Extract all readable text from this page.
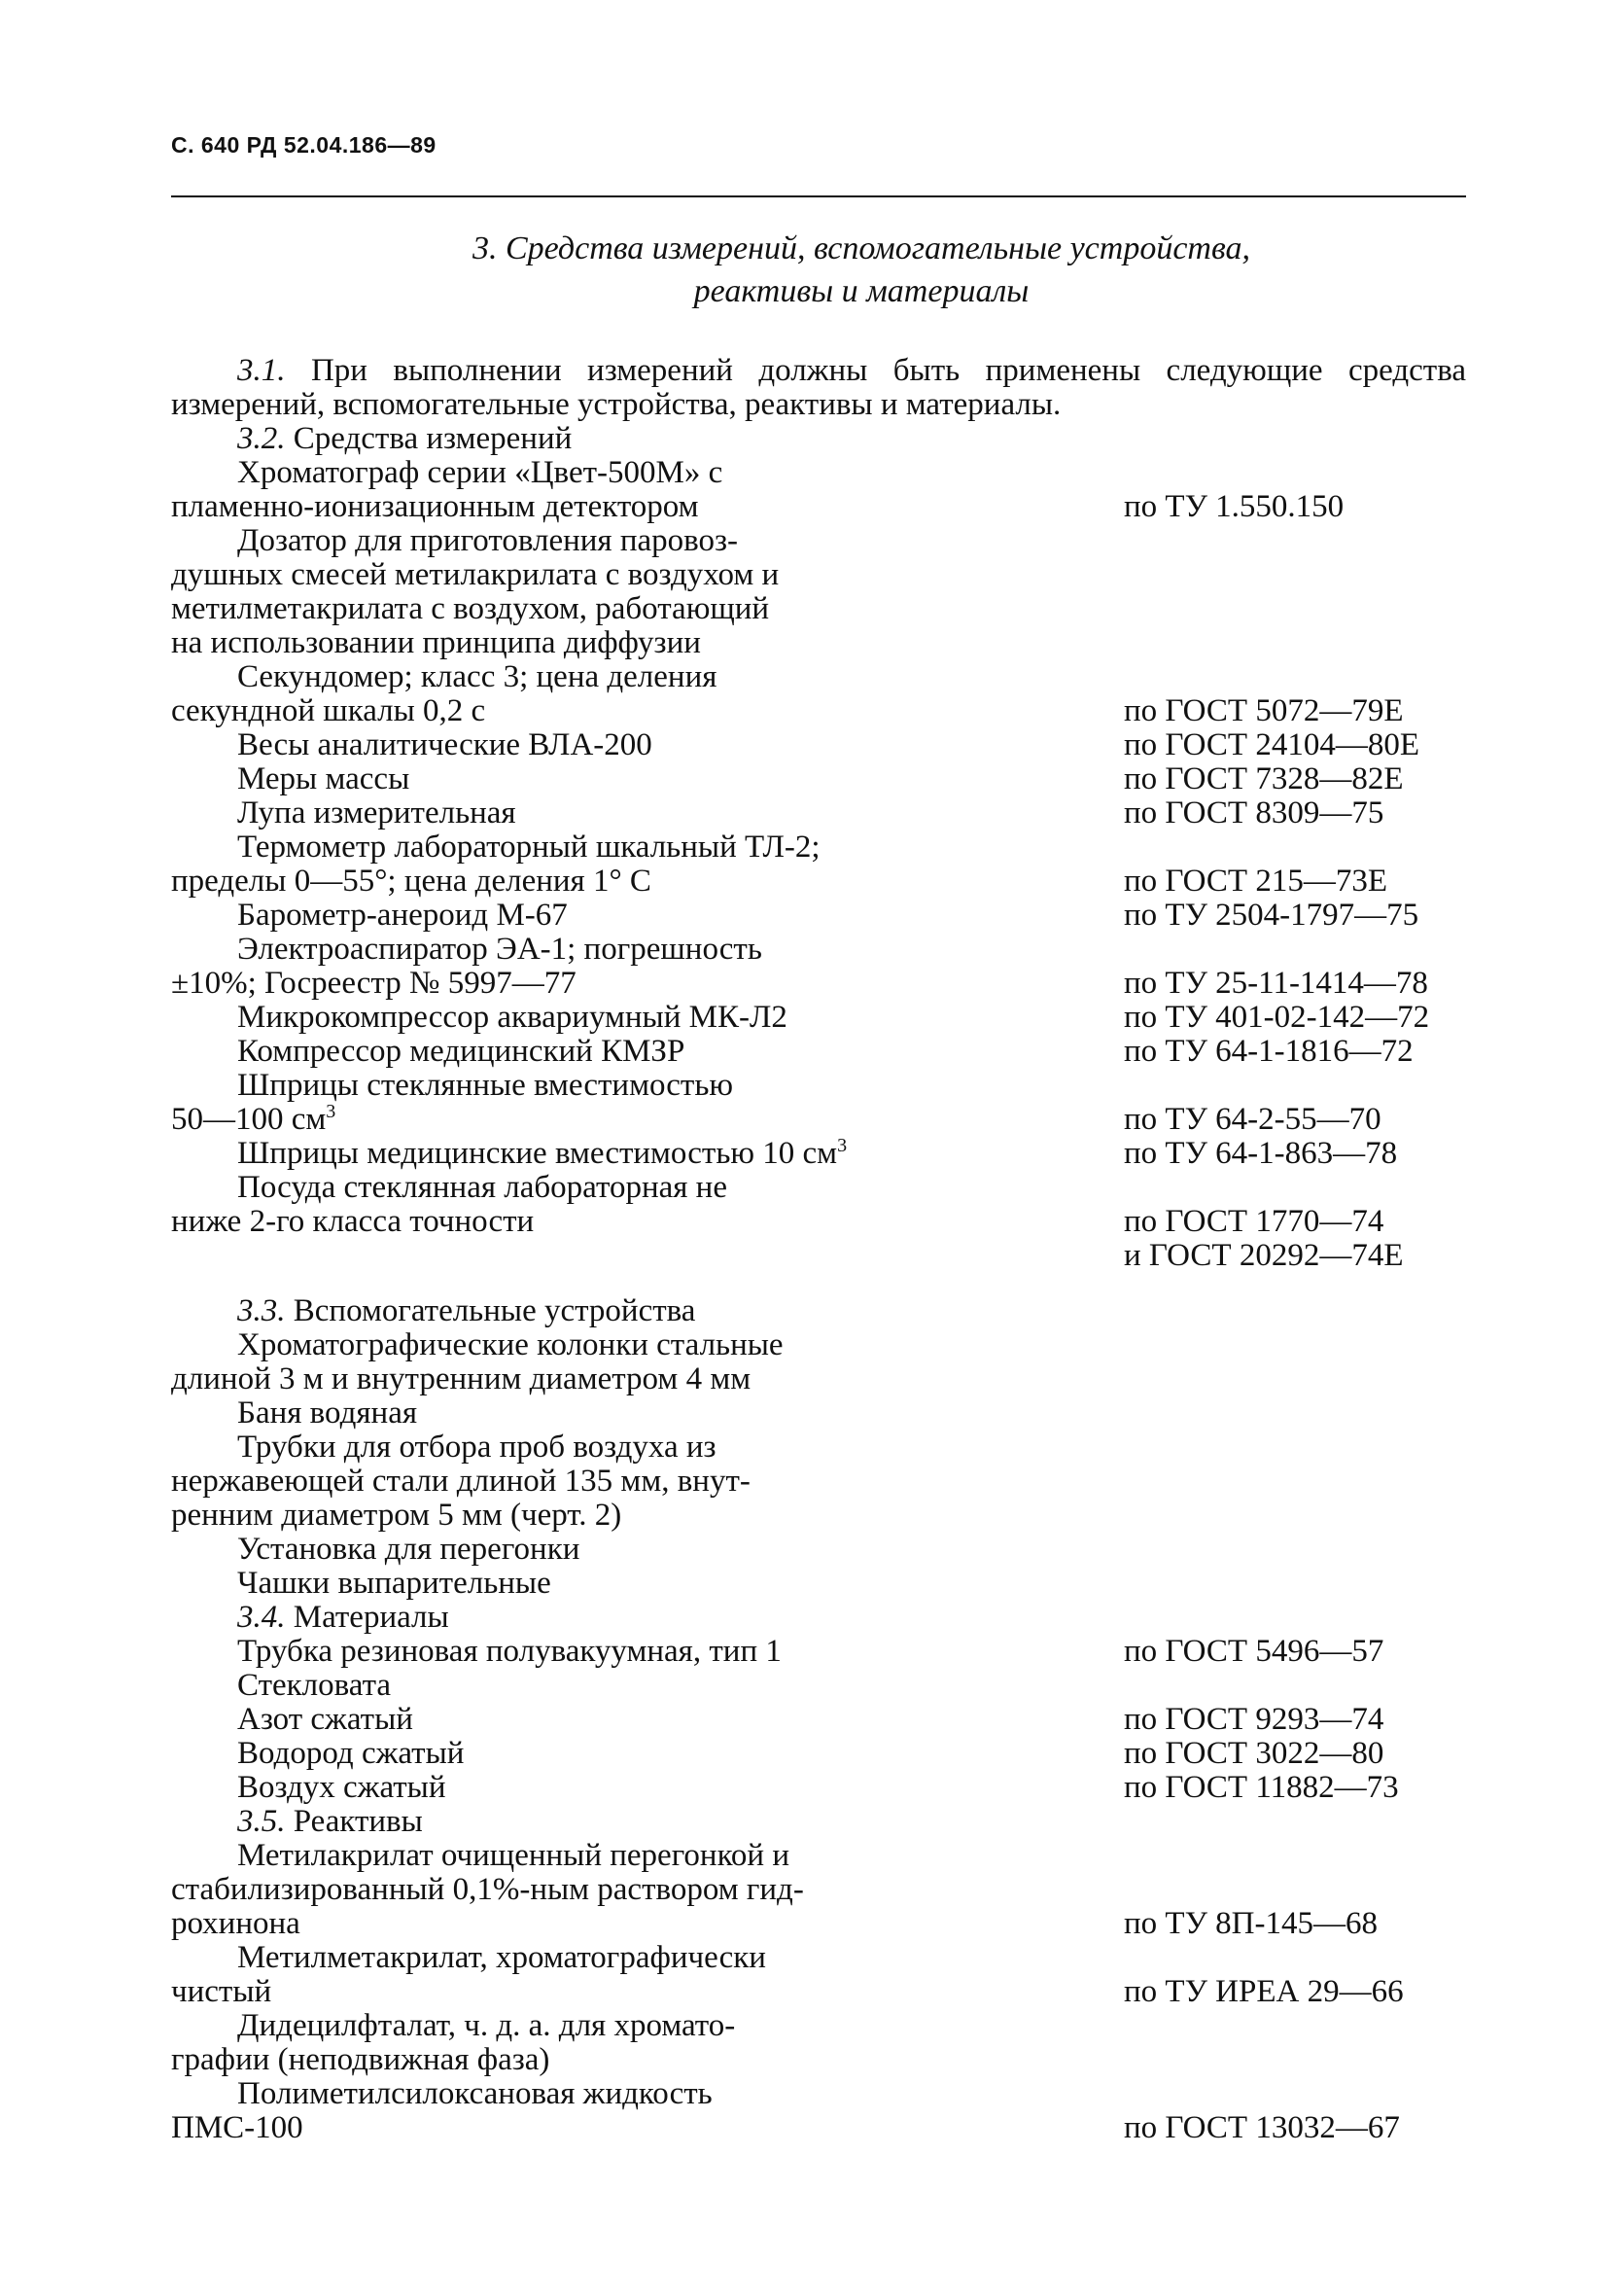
С. 640 РД 52.04.186—89
3. Средства измерений, вспомогательные устройства,
реактивы и материалы
3.1. При выполнении измерений должны быть применены следующие средства измерений, вспомогательные устройства, реактивы и материалы.
3.2. Средства измерений
Хроматограф серии «Цвет-500М» с
пламенно-ионизационным детектором	по ТУ 1.550.150
Дозатор для приготовления паровоз-
душных смесей метилакрилата с воздухом и
метилметакрилата с воздухом, работающий
на использовании принципа диффузии
Секундомер; класс 3; цена деления
секундной шкалы 0,2 с	по ГОСТ 5072—79Е
Весы аналитические ВЛА-200	по ГОСТ 24104—80Е
Меры массы	по ГОСТ 7328—82Е
Лупа измерительная	по ГОСТ 8309—75
Термометр лабораторный шкальный ТЛ-2;
пределы 0—55°; цена деления 1° С	по ГОСТ 215—73Е
Барометр-анероид М-67	по ТУ 2504-1797—75
Электроаспиратор ЭА-1; погрешность
±10%; Госреестр № 5997—77	по ТУ 25-11-1414—78
Микрокомпрессор аквариумный МК-Л2	по ТУ 401-02-142—72
Компрессор медицинский КМЗР	по ТУ 64-1-1816—72
Шприцы стеклянные вместимостью
50—100 $см^3$	по ТУ 64-2-55—70
Шприцы медицинские вместимостью 10 $см^3$	по ТУ 64-1-863—78
Посуда стеклянная лабораторная не
ниже 2-го класса точности	по ГОСТ 1770—74
и ГОСТ 20292—74Е
3.3. Вспомогательные устройства
Хроматографические колонки стальные
длиной 3 м и внутренним диаметром 4 мм
Баня водяная
Трубки для отбора проб воздуха из
нержавеющей стали длиной 135 мм, внут-
ренним диаметром 5 мм (черт. 2)
Установка для перегонки
Чашки выпарительные
3.4. Материалы
Трубка резиновая полувакуумная, тип 1	по ГОСТ 5496—57
Стекловата
Азот сжатый	по ГОСТ 9293—74
Водород сжатый	по ГОСТ 3022—80
Воздух сжатый	по ГОСТ 11882—73
3.5. Реактивы
Метилакрилат очищенный перегонкой и
стабилизированный 0,1%-ным раствором гид-
рохинона	по ТУ 8П-145—68
Метилметакрилат, хроматографически
чистый	по ТУ ИРЕА 29—66
Дидецилфталат, ч. д. а. для хромато-
графии (неподвижная фаза)
Полиметилсилоксановая жидкость
ПМС-100	по ГОСТ 13032—67
